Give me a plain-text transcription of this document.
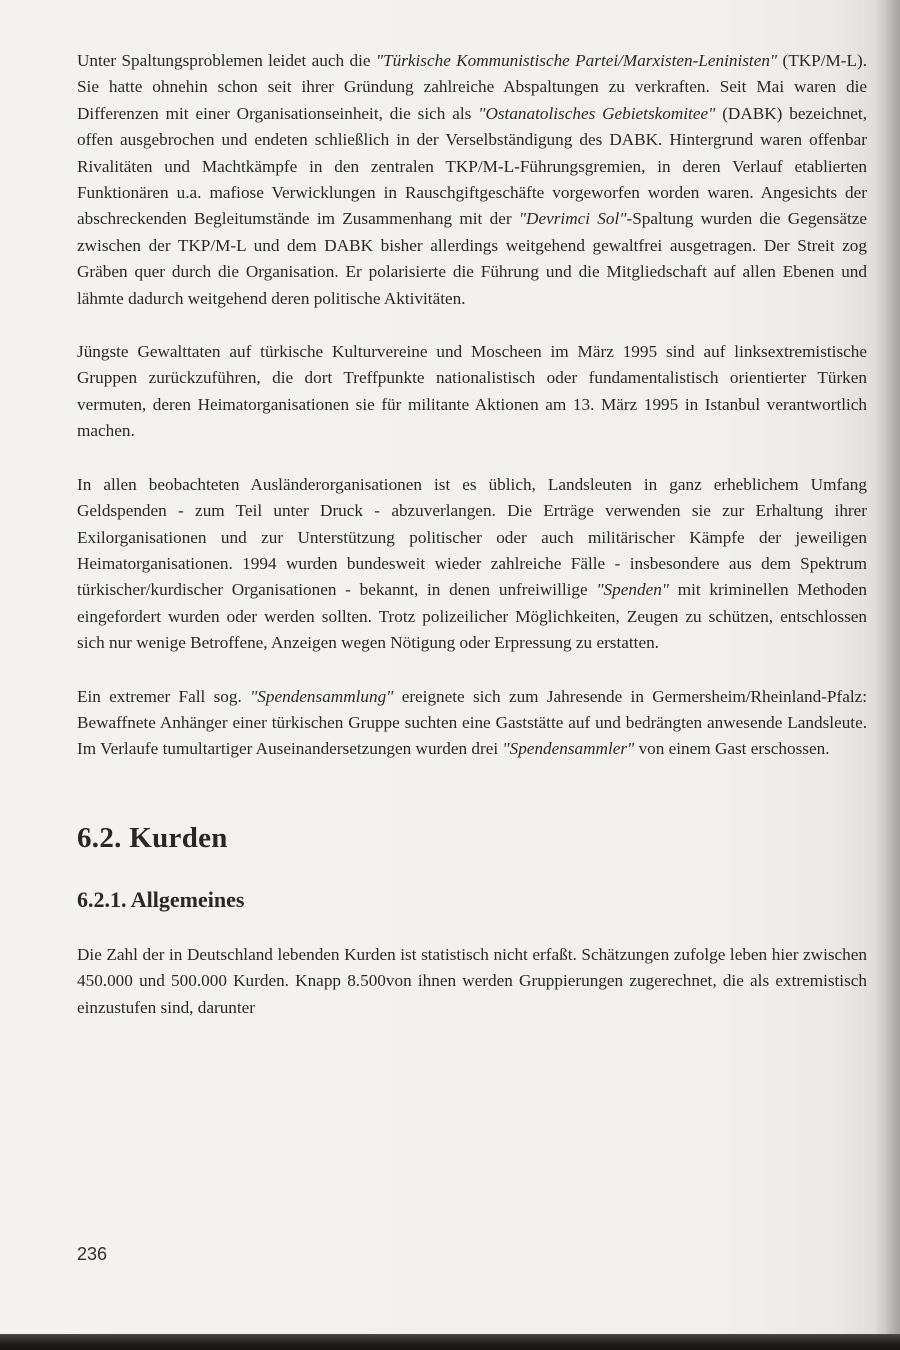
Unter Spaltungsproblemen leidet auch die "Türkische Kommunistische Partei/Marxisten-Leninisten" (TKP/M-L). Sie hatte ohnehin schon seit ihrer Gründung zahlreiche Abspaltungen zu verkraften. Seit Mai waren die Differenzen mit einer Organisationseinheit, die sich als "Ostanatolisches Gebietskomitee" (DABK) bezeichnet, offen ausgebrochen und endeten schließlich in der Verselbständigung des DABK. Hintergrund waren offenbar Rivalitäten und Machtkämpfe in den zentralen TKP/M-L-Führungsgremien, in deren Verlauf etablierten Funktionären u.a. mafiose Verwicklungen in Rauschgiftgeschäfte vorgeworfen worden waren. Angesichts der abschreckenden Begleitumstände im Zusammenhang mit der "Devrimci Sol"-Spaltung wurden die Gegensätze zwischen der TKP/M-L und dem DABK bisher allerdings weitgehend gewaltfrei ausgetragen. Der Streit zog Gräben quer durch die Organisation. Er polarisierte die Führung und die Mitgliedschaft auf allen Ebenen und lähmte dadurch weitgehend deren politische Aktivitäten.

Jüngste Gewalttaten auf türkische Kulturvereine und Moscheen im März 1995 sind auf linksextremistische Gruppen zurückzuführen, die dort Treffpunkte nationalistisch oder fundamentalistisch orientierter Türken vermuten, deren Heimatorganisationen sie für militante Aktionen am 13. März 1995 in Istanbul verantwortlich machen.

In allen beobachteten Ausländerorganisationen ist es üblich, Landsleuten in ganz erheblichem Umfang Geldspenden - zum Teil unter Druck - abzuverlangen. Die Erträge verwenden sie zur Erhaltung ihrer Exilorganisationen und zur Unterstützung politischer oder auch militärischer Kämpfe der jeweiligen Heimatorganisationen. 1994 wurden bundesweit wieder zahlreiche Fälle - insbesondere aus dem Spektrum türkischer/kurdischer Organisationen - bekannt, in denen unfreiwillige "Spenden" mit kriminellen Methoden eingefordert wurden oder werden sollten. Trotz polizeilicher Möglichkeiten, Zeugen zu schützen, entschlossen sich nur wenige Betroffene, Anzeigen wegen Nötigung oder Erpressung zu erstatten.

Ein extremer Fall sog. "Spendensammlung" ereignete sich zum Jahresende in Germersheim/Rheinland-Pfalz: Bewaffnete Anhänger einer türkischen Gruppe suchten eine Gaststätte auf und bedrängten anwesende Landsleute. Im Verlaufe tumultartiger Auseinandersetzungen wurden drei "Spendensammler" von einem Gast erschossen.

6.2. Kurden
6.2.1. Allgemeines

Die Zahl der in Deutschland lebenden Kurden ist statistisch nicht erfaßt. Schätzungen zufolge leben hier zwischen 450.000 und 500.000 Kurden. Knapp 8.500von ihnen werden Gruppierungen zugerechnet, die als extremistisch einzustufen sind, darunter

236
